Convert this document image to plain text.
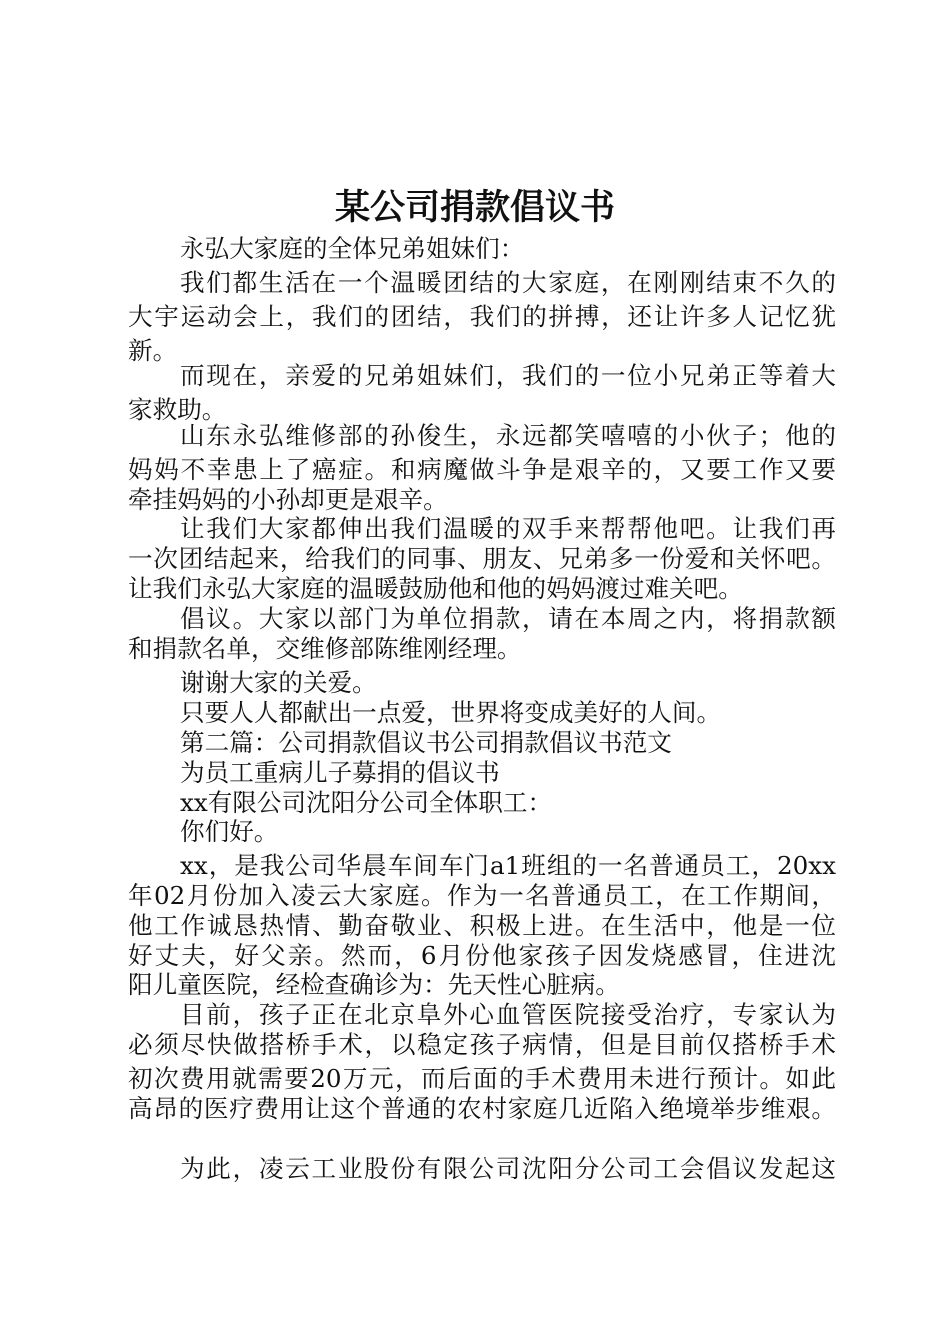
某公司捐款倡议书

永弘大家庭的全体兄弟姐妹们：

我们都生活在一个温暖团结的大家庭，在刚刚结束不久的

大宇运动会上，我们的团结，我们的拼搏，还让许多人记忆犹

新。

而现在，亲爱的兄弟姐妹们，我们的一位小兄弟正等着大

家救助。

山东永弘维修部的孙俊生，永远都笑嘻嘻的小伙子；他的

妈妈不幸患上了癌症。和病魔做斗争是艰辛的，又要工作又要

牵挂妈妈的小孙却更是艰辛。

让我们大家都伸出我们温暖的双手来帮帮他吧。让我们再

一次团结起来，给我们的同事、朋友、兄弟多一份爱和关怀吧。

让我们永弘大家庭的温暖鼓励他和他的妈妈渡过难关吧。

倡议。大家以部门为单位捐款，请在本周之内，将捐款额

和捐款名单，交维修部陈维刚经理。

谢谢大家的关爱。

只要人人都献出一点爱，世界将变成美好的人间。

第二篇：公司捐款倡议书公司捐款倡议书范文

为员工重病儿子募捐的倡议书

xx有限公司沈阳分公司全体职工：

你们好。

xx，是我公司华晨车间车门a1班组的一名普通员工，20xx

年02月份加入凌云大家庭。作为一名普通员工，在工作期间，

他工作诚恳热情、勤奋敬业、积极上进。在生活中，他是一位

好丈夫，好父亲。然而，6月份他家孩子因发烧感冒，住进沈

阳儿童医院，经检查确诊为：先天性心脏病。

目前，孩子正在北京阜外心血管医院接受治疗，专家认为

必须尽快做搭桥手术，以稳定孩子病情，但是目前仅搭桥手术

初次费用就需要20万元，而后面的手术费用未进行预计。如此

高昂的医疗费用让这个普通的农村家庭几近陷入绝境举步维艰。

为此，凌云工业股份有限公司沈阳分公司工会倡议发起这
